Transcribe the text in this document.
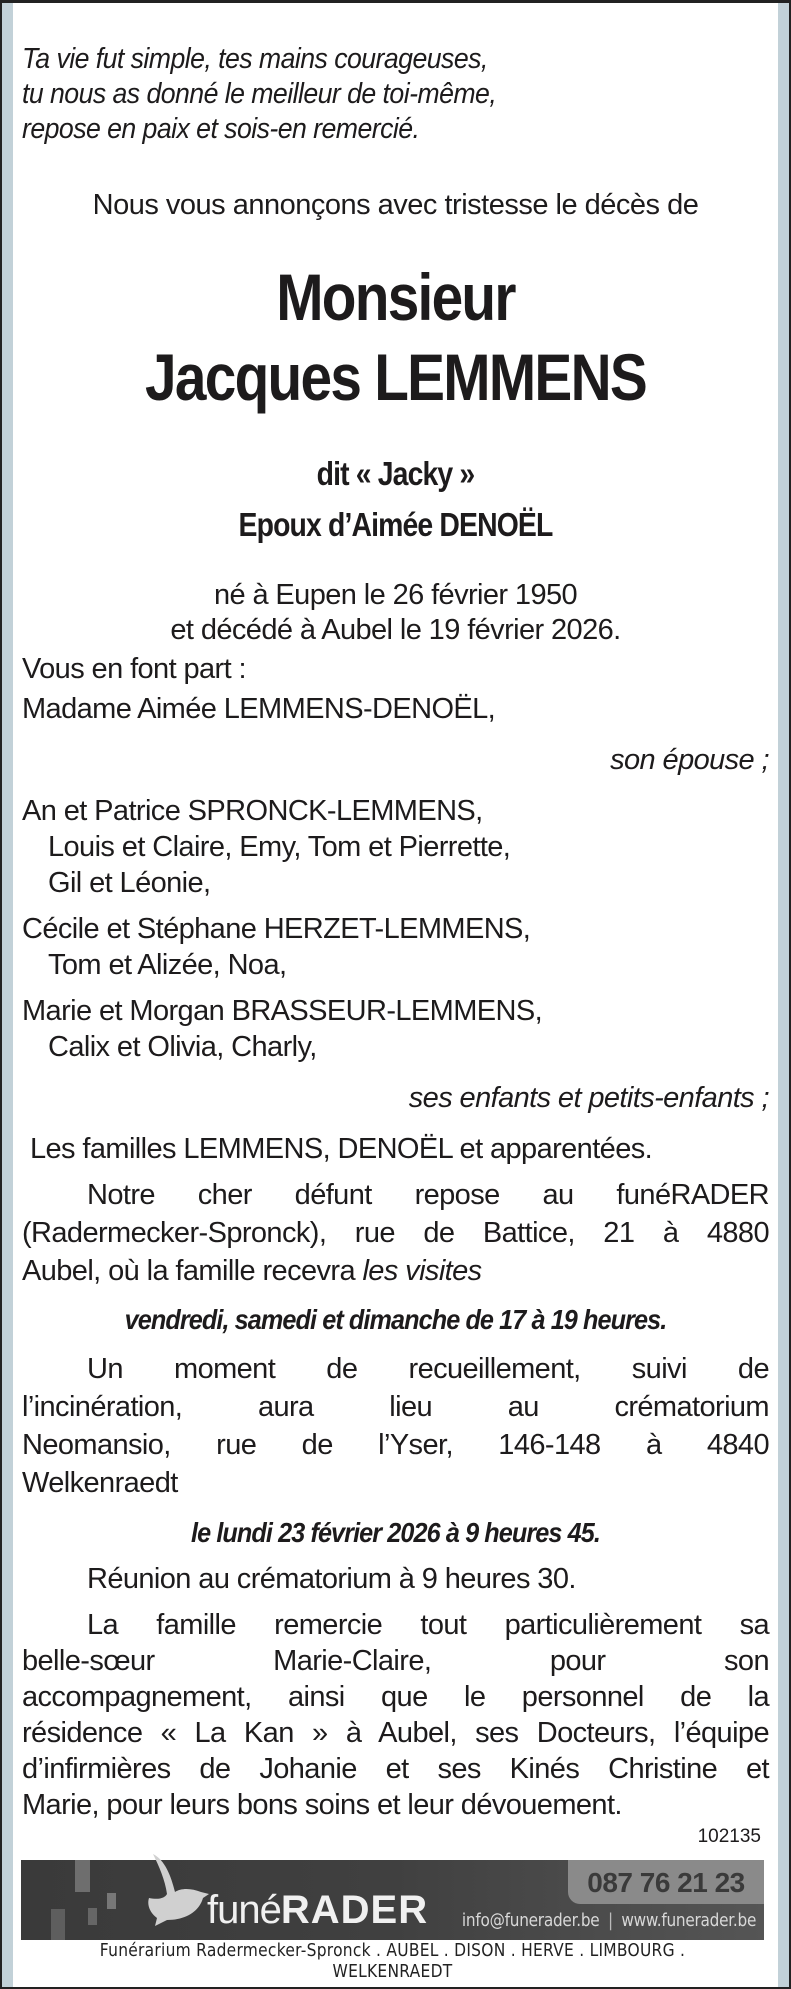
Ta vie fut simple, tes mains courageuses,
tu nous as donné le meilleur de toi-même,
repose en paix et sois-en remercié.
Nous vous annonçons avec tristesse le décès de
Monsieur
Jacques LEMMENS
dit « Jacky »
Epoux d’Aimée DENOËL
né à Eupen le 26 février 1950
et décédé à Aubel le 19 février 2026.
Vous en font part :
Madame Aimée LEMMENS-DENOËL,
son épouse ;
An et Patrice SPRONCK-LEMMENS,
Louis et Claire, Emy, Tom et Pierrette,
Gil et Léonie,
Cécile et Stéphane HERZET-LEMMENS,
Tom et Alizée, Noa,
Marie et Morgan BRASSEUR-LEMMENS,
Calix et Olivia, Charly,
ses enfants et petits-enfants ;
Les familles LEMMENS, DENOËL et apparentées.
Notre cher défunt repose au funéRADER
(Radermecker-Spronck), rue de Battice, 21 à 4880
Aubel, où la famille recevra les visites
vendredi, samedi et dimanche de 17 à 19 heures.
Un moment de recueillement, suivi de
l’incinération, aura lieu au crématorium
Neomansio, rue de l’Yser, 146-148 à 4840
Welkenraedt
le lundi 23 février 2026 à 9 heures 45.
Réunion au crématorium à 9 heures 30.
La famille remercie tout particulièrement sa
belle-sœur Marie-Claire, pour son
accompagnement, ainsi que le personnel de la
résidence « La Kan » à Aubel, ses Docteurs, l’équipe
d’infirmières de Johanie et ses Kinés Christine et
Marie, pour leurs bons soins et leur dévouement.
102135
funéRADER
087 76 21 23
info@funerader.be | www.funerader.be
Funérarium Radermecker-Spronck . AUBEL . DISON . HERVE . LIMBOURG . WELKENRAEDT
